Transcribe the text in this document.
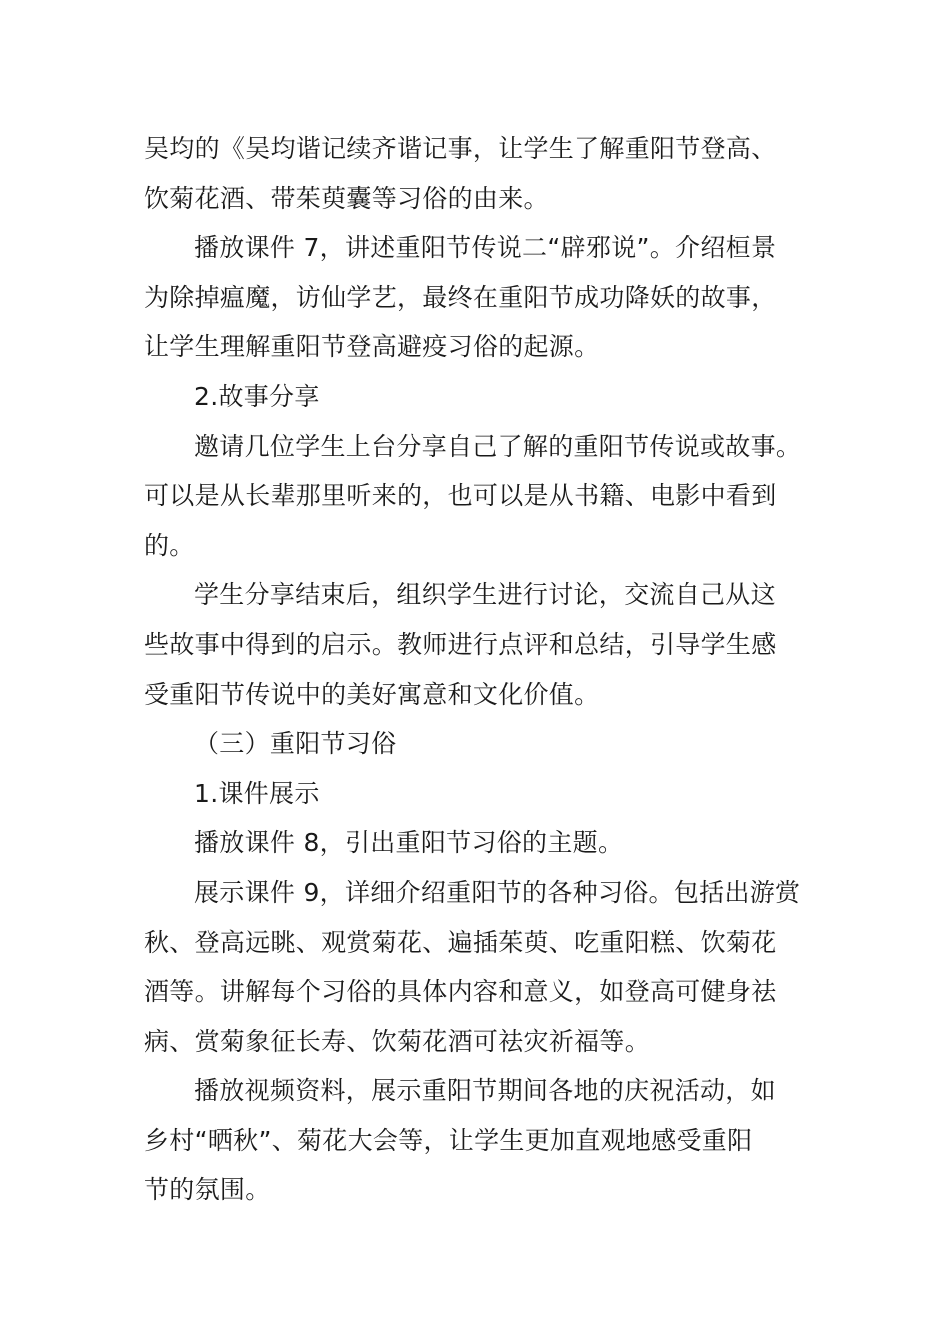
吴均的《吴均谐记续齐谐记事，让学生了解重阳节登高、
饮菊花酒、带茱萸囊等习俗的由来。
播放课件 7，讲述重阳节传说二“辟邪说”。介绍桓景
为除掉瘟魔，访仙学艺，最终在重阳节成功降妖的故事，
让学生理解重阳节登高避疫习俗的起源。
2.故事分享
邀请几位学生上台分享自己了解的重阳节传说或故事。
可以是从长辈那里听来的，也可以是从书籍、电影中看到
的。
学生分享结束后，组织学生进行讨论，交流自己从这
些故事中得到的启示。教师进行点评和总结，引导学生感
受重阳节传说中的美好寓意和文化价值。
（三）重阳节习俗
1.课件展示
播放课件 8，引出重阳节习俗的主题。
展示课件 9，详细介绍重阳节的各种习俗。包括出游赏
秋、登高远眺、观赏菊花、遍插茱萸、吃重阳糕、饮菊花
酒等。讲解每个习俗的具体内容和意义，如登高可健身祛
病、赏菊象征长寿、饮菊花酒可祛灾祈福等。
播放视频资料，展示重阳节期间各地的庆祝活动，如
乡村“晒秋”、菊花大会等，让学生更加直观地感受重阳
节的氛围。
